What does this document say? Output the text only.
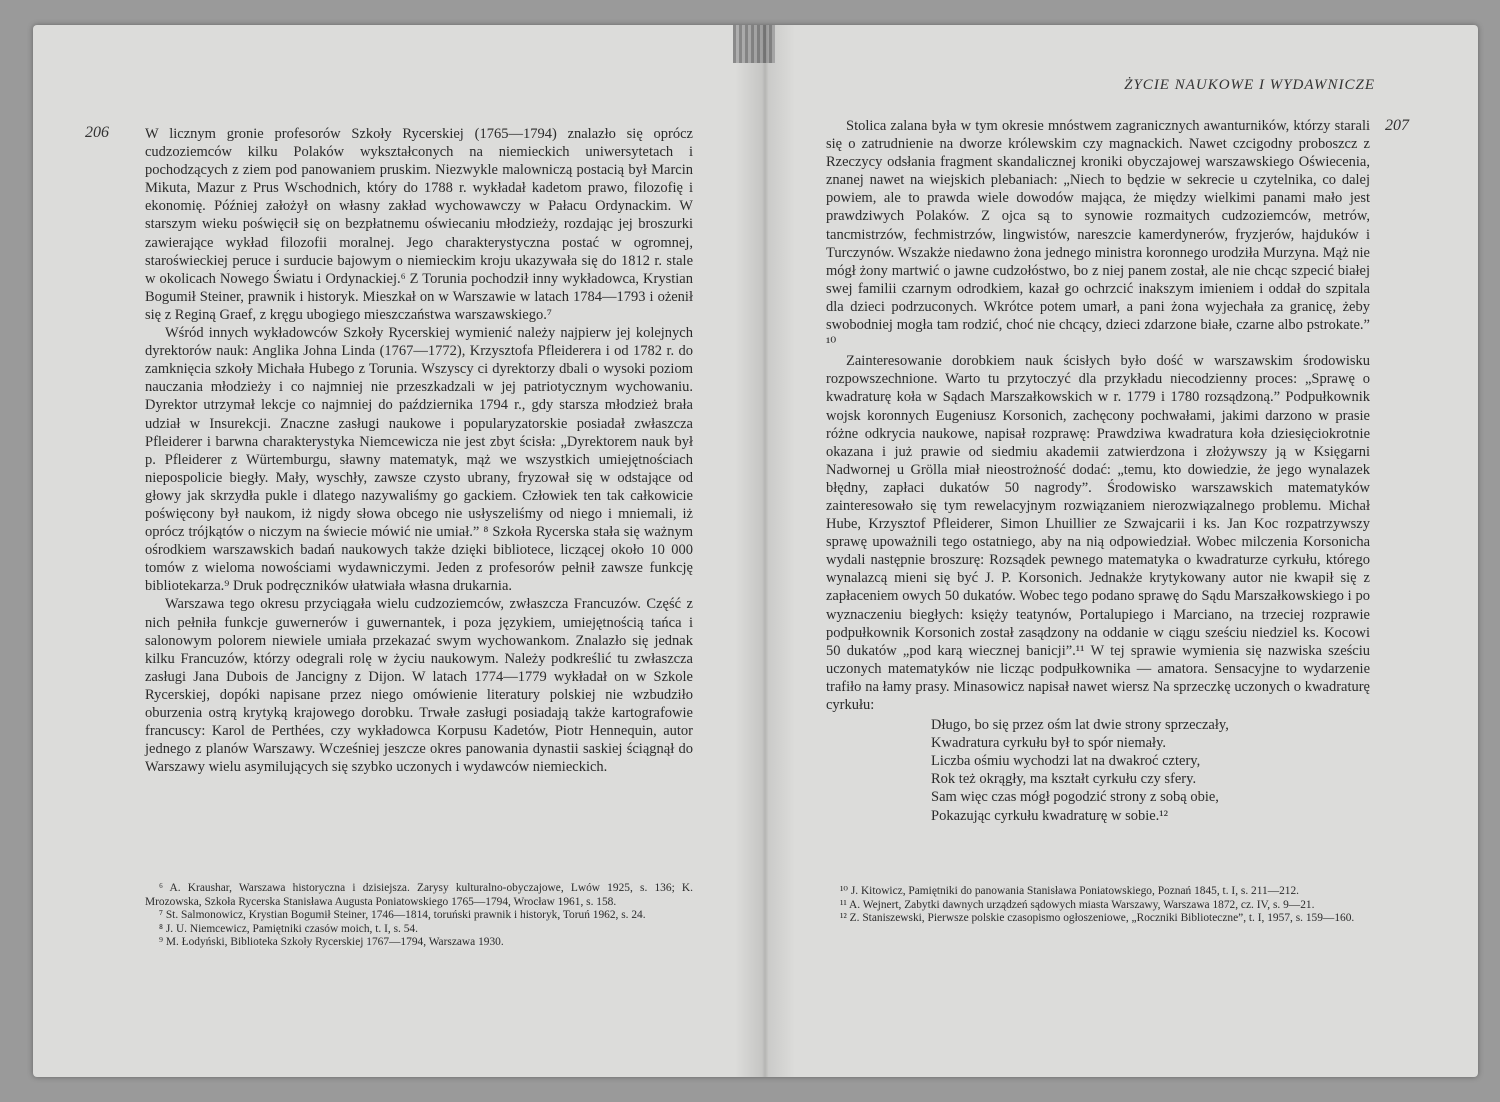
206 W licznym gronie profesorów Szkoły Rycerskiej (1765—1794) znalazło się oprócz cudzoziemców kilku Polaków wykształconych na niemieckich uniwersytetach i pochodzących z ziem pod panowaniem pruskim. Niezwykle malowniczą postacią był Marcin Mikuta, Mazur z Prus Wschodnich, który do 1788 r. wykładał kadetom prawo, filozofię i ekonomię. Później założył on własny zakład wychowawczy w Pałacu Ordynackim. W starszym wieku poświęcił się on bezpłatnemu oświecaniu młodzieży, rozdając jej broszurki zawierające wykład filozofii moralnej. Jego charakterystyczna postać w ogromnej, staroświeckiej peruce i surducie bajowym o niemieckim kroju ukazywała się do 1812 r. stale w okolicach Nowego Światu i Ordynackiej.⁶ Z Torunia pochodził inny wykładowca, Krystian Bogumił Steiner, prawnik i historyk. Mieszkał on w Warszawie w latach 1784—1793 i ożenił się z Reginą Graef, z kręgu ubogiego mieszczaństwa warszawskiego.⁷

Wśród innych wykładowców Szkoły Rycerskiej wymienić należy najpierw jej kolejnych dyrektorów nauk: Anglika Johna Linda (1767—1772), Krzysztofa Pfleiderera i od 1782 r. do zamknięcia szkoły Michała Hubego z Torunia. Wszyscy ci dyrektorzy dbali o wysoki poziom nauczania młodzieży i co najmniej nie przeszkadzali w jej patriotycznym wychowaniu. Dyrektor utrzymał lekcje co najmniej do października 1794 r., gdy starsza młodzież brała udział w Insurekcji. Znaczne zasługi naukowe i popularyzatorskie posiadał zwłaszcza Pfleiderer i barwna charakterystyka Niemcewicza nie jest zbyt ścisła: „Dyrektorem nauk był p. Pfleiderer z Würtemburgu, sławny matematyk, mąż we wszystkich umiejętnościach niepospolicie biegły. Mały, wyschły, zawsze czysto ubrany, fryzował się w odstające od głowy jak skrzydła pukle i dlatego nazywaliśmy go gackiem. Człowiek ten tak całkowicie poświęcony był naukom, iż nigdy słowa obcego nie usłyszeliśmy od niego i mniemali, iż oprócz trójkątów o niczym na świecie mówić nie umiał.” ⁸ Szkoła Rycerska stała się ważnym ośrodkiem warszawskich badań naukowych także dzięki bibliotece, liczącej około 10 000 tomów z wieloma nowościami wydawniczymi. Jeden z profesorów pełnił zawsze funkcję bibliotekarza.⁹ Druk podręczników ułatwiała własna drukarnia.

Warszawa tego okresu przyciągała wielu cudzoziemców, zwłaszcza Francuzów. Część z nich pełniła funkcje guwernerów i guwernantek, i poza językiem, umiejętnością tańca i salonowym polorem niewiele umiała przekazać swym wychowankom. Znalazło się jednak kilku Francuzów, którzy odegrali rolę w życiu naukowym. Należy podkreślić tu zwłaszcza zasługi Jana Dubois de Jancigny z Dijon. W latach 1774—1779 wykładał on w Szkole Rycerskiej, dopóki napisane przez niego omówienie literatury polskiej nie wzbudziło oburzenia ostrą krytyką krajowego dorobku. Trwałe zasługi posiadają także kartografowie francuscy: Karol de Perthées, czy wykładowca Korpusu Kadetów, Piotr Hennequin, autor jednego z planów Warszawy. Wcześniej jeszcze okres panowania dynastii saskiej ściągnął do Warszawy wielu asymilujących się szybko uczonych i wydawców niemieckich.

⁶ A. Kraushar, Warszawa historyczna i dzisiejsza. Zarysy kulturalno-obyczajowe, Lwów 1925, s. 136; K. Mrozowska, Szkoła Rycerska Stanisława Augusta Poniatowskiego 1765—1794, Wrocław 1961, s. 158.
⁷ St. Salmonowicz, Krystian Bogumił Steiner, 1746—1814, toruński prawnik i historyk, Toruń 1962, s. 24.
⁸ J. U. Niemcewicz, Pamiętniki czasów moich, t. I, s. 54.
⁹ M. Łodyński, Biblioteka Szkoły Rycerskiej 1767—1794, Warszawa 1930.
ŻYCIE NAUKOWE I WYDAWNICZE
207

Stolica zalana była w tym okresie mnóstwem zagranicznych awanturników, którzy starali się o zatrudnienie na dworze królewskim czy magnackich. Nawet czcigodny proboszcz z Rzeczycy odsłania fragment skandalicznej kroniki obyczajowej warszawskiego Oświecenia, znanej nawet na wiejskich plebaniach: „Niech to będzie w sekrecie u czytelnika, co dalej powiem, ale to prawda wiele dowodów mająca, że między wielkimi panami mało jest prawdziwych Polaków. Z ojca są to synowie rozmaitych cudzoziemców, metrów, tancmistrzów, fechmistrzów, lingwistów, nareszcie kamerdynerów, fryzjerów, hajduków i Turczynów. Wszakże niedawno żona jednego ministra koronnego urodziła Murzyna. Mąż nie mógł żony martwić o jawne cudzołóstwo, bo z niej panem został, ale nie chcąc szpecić białej swej familii czarnym odrodkiem, kazał go ochrzcić inakszym imieniem i oddał do szpitala dla dzieci podrzuconych. Wkrótce potem umarł, a pani żona wyjechała za granicę, żeby swobodniej mogła tam rodzić, choć nie chcący, dzieci zdarzone białe, czarne albo pstrokate.” ¹⁰

Zainteresowanie dorobkiem nauk ścisłych było dość w warszawskim środowisku rozpowszechnione. Warto tu przytoczyć dla przykładu niecodzienny proces: „Sprawę o kwadraturę koła w Sądach Marszałkowskich w r. 1779 i 1780 rozsądzoną.” Podpułkownik wojsk koronnych Eugeniusz Korsonich, zachęcony pochwałami, jakimi darzono w prasie różne odkrycia naukowe, napisał rozprawę: Prawdziwa kwadratura koła dziesięciokrotnie okazana i już prawie od siedmiu akademii zatwierdzona i złożywszy ją w Księgarni Nadwornej u Grölla miał nieostrożność dodać: „temu, kto dowiedzie, że jego wynalazek błędny, zapłaci dukatów 50 nagrody”. Środowisko warszawskich matematyków zainteresowało się tym rewelacyjnym rozwiązaniem nierozwiązalnego problemu. Michał Hube, Krzysztof Pfleiderer, Simon Lhuillier ze Szwajcarii i ks. Jan Koc rozpatrzywszy sprawę upoważnili tego ostatniego, aby na nią odpowiedział. Wobec milczenia Korsonicha wydali następnie broszurę: Rozsądek pewnego matematyka o kwadraturze cyrkułu, którego wynalazcą mieni się być J. P. Korsonich. Jednakże krytykowany autor nie kwapił się z zapłaceniem owych 50 dukatów. Wobec tego podano sprawę do Sądu Marszałkowskiego i po wyznaczeniu biegłych: księży teatynów, Portalupiego i Marciano, na trzeciej rozprawie podpułkownik Korsonich został zasądzony na oddanie w ciągu sześciu niedziel ks. Kocowi 50 dukatów „pod karą wiecznej banicji”.¹¹ W tej sprawie wymienia się nazwiska sześciu uczonych matematyków nie licząc podpułkownika — amatora. Sensacyjne to wydarzenie trafiło na łamy prasy. Minasowicz napisał nawet wiersz Na sprzeczkę uczonych o kwadraturę cyrkułu:

Długo, bo się przez ośm lat dwie strony sprzeczały,
Kwadratura cyrkułu był to spór niemały.
Liczba ośmiu wychodzi lat na dwakroć cztery,
Rok też okrągły, ma kształt cyrkułu czy sfery.
Sam więc czas mógł pogodzić strony z sobą obie,
Pokazując cyrkułu kwadraturę w sobie.¹²
¹⁰ J. Kitowicz, Pamiętniki do panowania Stanisława Poniatowskiego, Poznań 1845, t. I, s. 211—212.
¹¹ A. Wejnert, Zabytki dawnych urządzeń sądowych miasta Warszawy, Warszawa 1872, cz. IV, s. 9—21.
¹² Z. Staniszewski, Pierwsze polskie czasopismo ogłoszeniowe, „Roczniki Biblioteczne”, t. I, 1957, s. 159—160.
